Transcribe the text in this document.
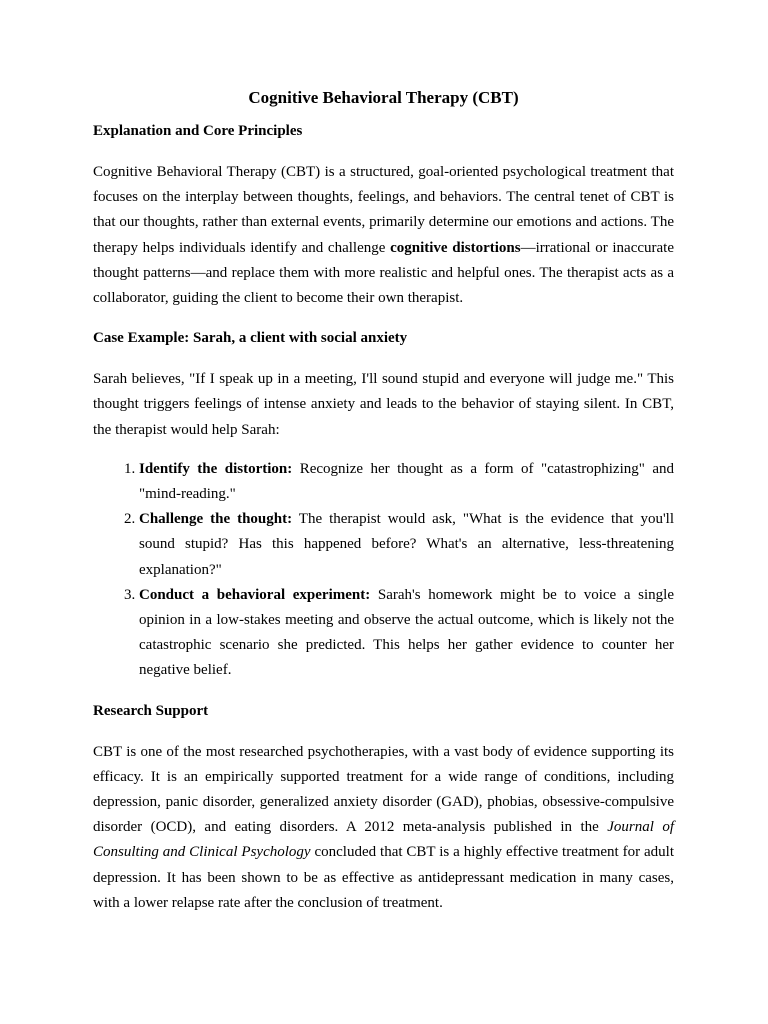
Cognitive Behavioral Therapy (CBT)
Explanation and Core Principles

Cognitive Behavioral Therapy (CBT) is a structured, goal-oriented psychological treatment that focuses on the interplay between thoughts, feelings, and behaviors. The central tenet of CBT is that our thoughts, rather than external events, primarily determine our emotions and actions. The therapy helps individuals identify and challenge cognitive distortions—irrational or inaccurate thought patterns—and replace them with more realistic and helpful ones. The therapist acts as a collaborator, guiding the client to become their own therapist.

Case Example: Sarah, a client with social anxiety

Sarah believes, "If I speak up in a meeting, I'll sound stupid and everyone will judge me." This thought triggers feelings of intense anxiety and leads to the behavior of staying silent. In CBT, the therapist would help Sarah:

1. Identify the distortion: Recognize her thought as a form of "catastrophizing" and "mind-reading."
2. Challenge the thought: The therapist would ask, "What is the evidence that you'll sound stupid? Has this happened before? What's an alternative, less-threatening explanation?"
3. Conduct a behavioral experiment: Sarah's homework might be to voice a single opinion in a low-stakes meeting and observe the actual outcome, which is likely not the catastrophic scenario she predicted. This helps her gather evidence to counter her negative belief.
Research Support

CBT is one of the most researched psychotherapies, with a vast body of evidence supporting its efficacy. It is an empirically supported treatment for a wide range of conditions, including depression, panic disorder, generalized anxiety disorder (GAD), phobias, obsessive-compulsive disorder (OCD), and eating disorders. A 2012 meta-analysis published in the Journal of Consulting and Clinical Psychology concluded that CBT is a highly effective treatment for adult depression. It has been shown to be as effective as antidepressant medication in many cases, with a lower relapse rate after the conclusion of treatment.
